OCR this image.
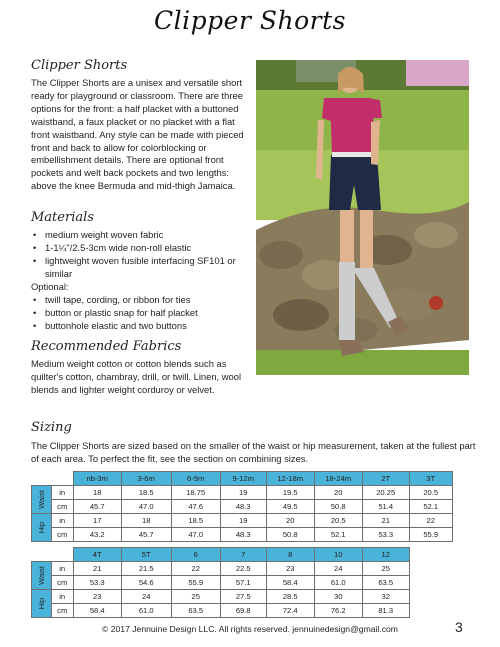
Clipper Shorts
Clipper Shorts
The Clipper Shorts are a unisex and versatile short ready for playground or classroom. There are three options for the front: a half placket with a buttoned waistband, a faux placket or no placket with a flat front waistband. Any style can be made with pieced front and back to allow for colorblocking or embellishment details. There are optional front pockets and welt back pockets and two lengths: above the knee Bermuda and mid-thigh Jamaica.
Materials
• medium weight woven fabric
• 1-1¼"/2.5-3cm wide non-roll elastic
• lightweight woven fusible interfacing SF101 or similar
Optional:
• twill tape, cording, or ribbon for ties
• button or plastic snap for half placket
• buttonhole elastic and two buttons
Recommended Fabrics
Medium weight cotton or cotton blends such as quilter's cotton, chambray, drill, or twill. Linen, wool blends and lighter weight corduroy or velvet.
Sizing
The Clipper Shorts are sized based on the smaller of the waist or hip measurement, taken at the fullest part of each area. To perfect the fit, see the section on combining sizes.
		nb-3m	3-6m	6-9m	9-12m	12-18m	18-24m	2T	3T

Waist	in	18	18.5	18.75	19	19.5	20	20.25	20.5
	cm	45.7	47.0	47.6	48.3	49.5	50.8	51.4	52.1

Hip	in	17	18	18.5	19	20	20.5	21	22
	cm	43.2	45.7	47.0	48.3	50.8	52.1	53.3	55.9
		4T	5T	6	7	8	10	12

Waist	in	21	21.5	22	22.5	23	24	25
	cm	53.3	54.6	55.9	57.1	58.4	61.0	63.5

Hip	in	23	24	25	27.5	28.5	30	32
	cm	58.4	61.0	63.5	69.8	72.4	76.2	81.3
© 2017 Jennuine Design LLC. All rights reserved. jennuinedesign@gmail.com	3
